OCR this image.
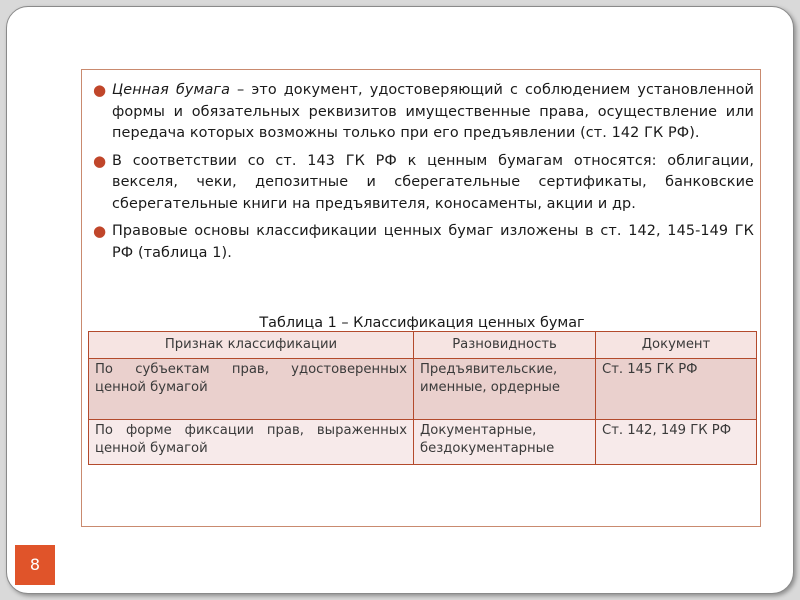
● Ценная бумага – это документ, удостоверяющий с соблюдением установленной формы и обязательных реквизитов имущественные права, осуществление или передача которых возможны только при его предъявлении (ст. 142 ГК РФ).
● В соответствии со ст. 143 ГК РФ к ценным бумагам относятся: облигации, векселя, чеки, депозитные и сберегательные сертификаты, банковские сберегательные книги на предъявителя, коносаменты, акции и др.
● Правовые основы классификации ценных бумаг изложены в ст. 142, 145-149 ГК РФ (таблица 1).
Таблица 1 – Классификация ценных бумаг
Признак классификации	Разновидность	Документ
По субъектам прав, удостоверенных ценной бумагой	Предъявительские, именные, ордерные	Ст. 145 ГК РФ
По форме фиксации прав, выраженных ценной бумагой	Документарные, бездокументарные	Ст. 142, 149 ГК РФ
8
